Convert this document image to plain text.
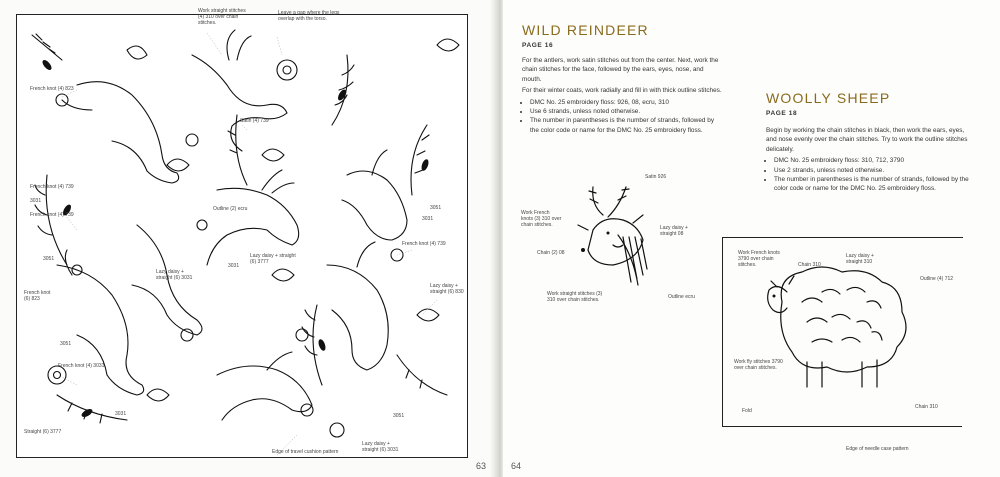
Work straight stitches
(4) 310 over chain
stitches.
Leave a gap where the legs
overlap with the torso.
French knot (4) 823
Satin (4) 739
French knot (4) 739
Outline (2) ecru
3031
French knot (4) 739
3051
3051
3031
French knot (4) 739
Lazy daisy +
straight (6) 3031
Lazy daisy + straight
(6) 3777
3031
French knot
(6) 823
Lazy daisy +
straight (6) 830
3051
French knot (4) 3031
3031
Straight (6) 3777
3051
Lazy daisy +
straight (6) 3031
Edge of travel cushion pattern
63
WILD REINDEER
PAGE 16

For the antlers, work satin stitches out from the center. Next, work the chain stitches for the face, followed by the ears, eyes, nose, and mouth.

For their winter coats, work radially and fill in with thick outline stitches.

• DMC No. 25 embroidery floss: 926, 08, ecru, 310
• Use 6 strands, unless noted otherwise.
• The number in parentheses is the number of strands, followed by the color code or name for the DMC No. 25 embroidery floss.
Satin 926
Work French
knots (3) 310 over
chain stitches.	Lazy daisy +
straight 08
Chain (2) 08
Work straight stitches (3)
310 over chain stitches.	Outline ecru
WOOLLY SHEEP
PAGE 18

Begin by working the chain stitches in black, then work the ears, eyes, and nose evenly over the chain stitches. Try to work the outline stitches delicately.

• DMC No. 25 embroidery floss: 310, 712, 3790
• Use 2 strands, unless noted otherwise.
• The number in parentheses is the number of strands, followed by the color code or name for the DMC No. 25 embroidery floss.
64
Work French knots
3790 over chain
stitches.	Chain 310
Lazy daisy +
straight 310
Outline (4) 712
Work fly stitches 3790
over chain stitches.
Fold
Chain 310
Edge of needle case pattern
